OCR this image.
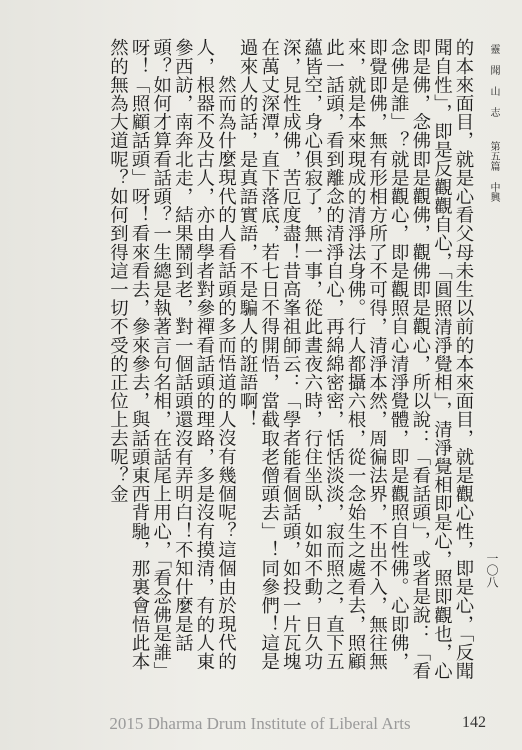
靈 聞 山 志
第五篇 中興
一〇八

的本來面目，就是心看父母未生以前的本來面目，就是觀心性，即是心，「反聞聞自性」，即是反觀觀自心，「圓照清淨覺相」，清淨覺相即是心，照即觀也，心即是佛，念佛即是觀佛，觀佛即是觀心，所以說：「看話頭」，或者是說：「看念佛是誰」？就是觀心，即是觀照自心清淨覺體，即是觀照自性佛。心即佛，即覺即佛，無有形相方所了不可得，清淨本然，周徧法界，不出不入，無往無來，就是本來現成的清淨法身佛。行人都攝六根，從一念始生之處看去，照顧此一話頭，看到離念的清淨自心，再綿綿密密，恬恬淡淡，寂而照之，直下五蘊皆空，身心俱寂了，無一事，從此晝夜六時，行住坐臥，如如不動，日久功深，見性成佛，苦厄度盡！昔高峯祖師云：「學者能看個話頭，如投一片瓦塊在萬丈深潭，直下落底，若七日不得開悟，當截取老僧頭去」！同參們！這是過來人的話，是真語實語，不是騙人的誑語啊！

然而為什麼現代的人看話頭的多而悟道的人沒有幾個呢？這個由於現代的人，根器不及古人，亦由學者對參禪看話頭的理路，多是沒有摸清，有的人東參西訪，南奔北走，結果鬧到老，對一個話頭還沒有弄明白！不知什麼是話頭？如何才算看話頭？一生總是執著言句名相，在話尾上用心，「看念佛是誰」呀！「照顧話頭」呀！看來看去，參來參去，與話頭東西背馳，那裏會悟此本然的無為大道呢？如何到得這一切不受的正位上去呢？金

2015 Dharma Drum Institute of Liberal Arts	142
